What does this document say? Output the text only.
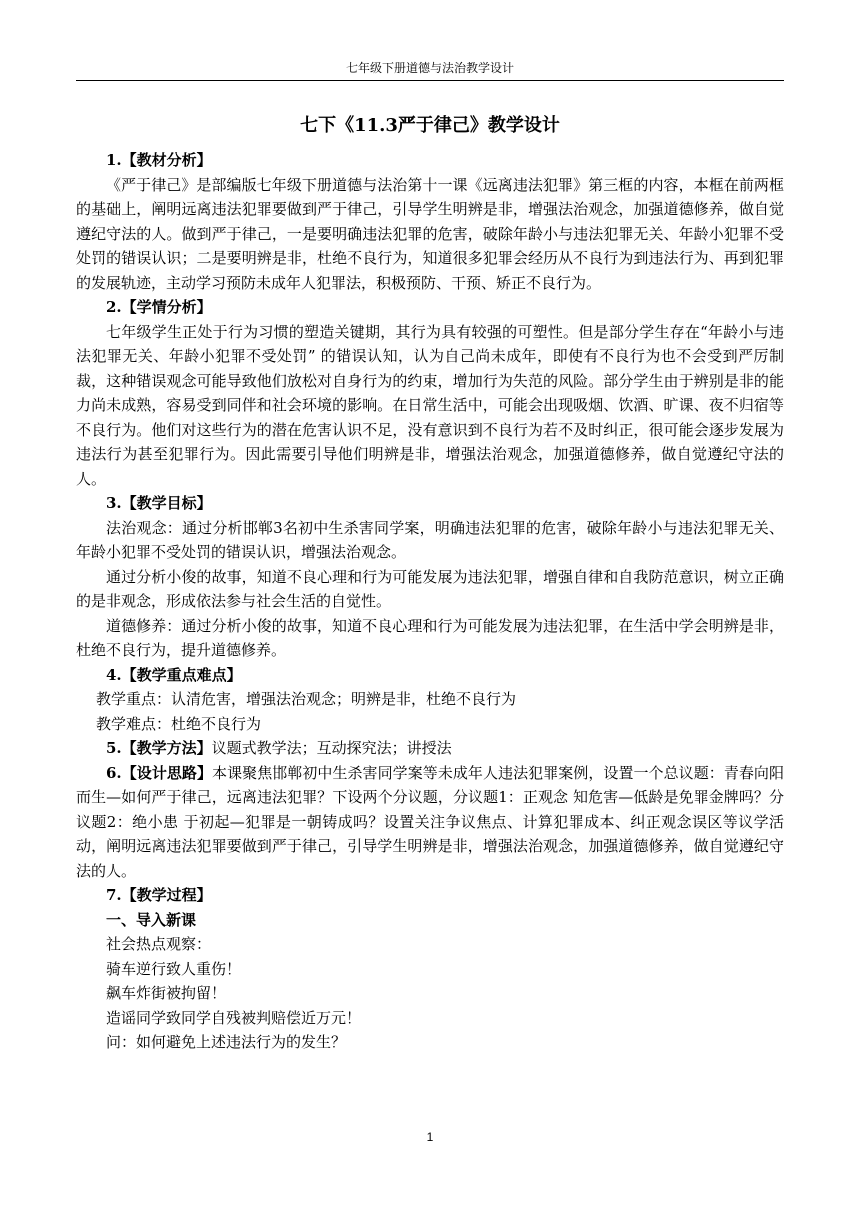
七年级下册道德与法治教学设计
七下《11.3严于律己》教学设计

1.【教材分析】

《严于律己》是部编版七年级下册道德与法治第十一课《远离违法犯罪》第三框的内容，本框在前两框的基础上，阐明远离违法犯罪要做到严于律己，引导学生明辨是非，增强法治观念，加强道德修养，做自觉遵纪守法的人。做到严于律己，一是要明确违法犯罪的危害，破除年龄小与违法犯罪无关、年龄小犯罪不受处罚的错误认识；二是要明辨是非，杜绝不良行为，知道很多犯罪会经历从不良行为到违法行为、再到犯罪的发展轨迹，主动学习预防未成年人犯罪法，积极预防、干预、矫正不良行为。

2.【学情分析】

七年级学生正处于行为习惯的塑造关键期，其行为具有较强的可塑性。但是部分学生存在“年龄小与违法犯罪无关、年龄小犯罪不受处罚” 的错误认知，认为自己尚未成年，即使有不良行为也不会受到严厉制裁，这种错误观念可能导致他们放松对自身行为的约束，增加行为失范的风险。部分学生由于辨别是非的能力尚未成熟，容易受到同伴和社会环境的影响。在日常生活中，可能会出现吸烟、饮酒、旷课、夜不归宿等不良行为。他们对这些行为的潜在危害认识不足，没有意识到不良行为若不及时纠正，很可能会逐步发展为违法行为甚至犯罪行为。因此需要引导他们明辨是非，增强法治观念，加强道德修养，做自觉遵纪守法的人。

3.【教学目标】

法治观念：通过分析邯郸3名初中生杀害同学案，明确违法犯罪的危害，破除年龄小与违法犯罪无关、年龄小犯罪不受处罚的错误认识，增强法治观念。

通过分析小俊的故事，知道不良心理和行为可能发展为违法犯罪，增强自律和自我防范意识，树立正确的是非观念，形成依法参与社会生活的自觉性。

道德修养：通过分析小俊的故事，知道不良心理和行为可能发展为违法犯罪，在生活中学会明辨是非，杜绝不良行为，提升道德修养。

4.【教学重点难点】

教学重点：认清危害，增强法治观念；明辨是非，杜绝不良行为

教学难点：杜绝不良行为

5.【教学方法】议题式教学法；互动探究法；讲授法

6.【设计思路】本课聚焦邯郸初中生杀害同学案等未成年人违法犯罪案例，设置一个总议题：青春向阳而生—如何严于律己，远离违法犯罪？下设两个分议题，分议题1：正观念 知危害—低龄是免罪金牌吗？分议题2：绝小患 于初起—犯罪是一朝铸成吗？设置关注争议焦点、计算犯罪成本、纠正观念误区等议学活动，阐明远离违法犯罪要做到严于律己，引导学生明辨是非，增强法治观念，加强道德修养，做自觉遵纪守法的人。

7.【教学过程】

一、导入新课

社会热点观察：

骑车逆行致人重伤！

飙车炸街被拘留！

造谣同学致同学自残被判赔偿近万元！

问：如何避免上述违法行为的发生？

1
